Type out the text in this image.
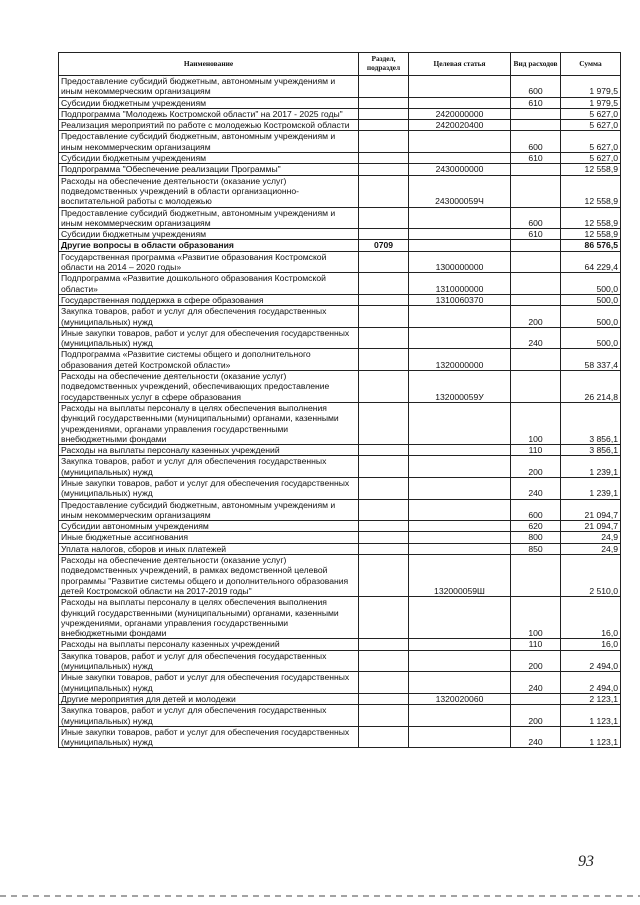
Наименование	Раздел, подраздел	Целевая статья	Вид расходов	Сумма
Предоставление субсидий бюджетным, автономным учреждениям и иным некоммерческим организациям			600	1 979,5
Субсидии бюджетным учреждениям			610	1 979,5
Подпрограмма "Молодежь Костромской области" на 2017 - 2025 годы"		2420000000		5 627,0
Реализация мероприятий по работе с молодежью Костромской области		2420020400		5 627,0
Предоставление субсидий бюджетным, автономным учреждениям и иным некоммерческим организациям			600	5 627,0
Субсидии бюджетным учреждениям			610	5 627,0
Подпрограмма "Обеспечение реализации Программы"		2430000000		12 558,9
Расходы на обеспечение деятельности (оказание услуг) подведомственных учреждений в области организационно-воспитательной работы с молодежью		243000059Ч		12 558,9
Предоставление субсидий бюджетным, автономным учреждениям и иным некоммерческим организациям			600	12 558,9
Субсидии бюджетным учреждениям			610	12 558,9
Другие вопросы в области образования	0709			86 576,5
Государственная программа «Развитие образования Костромской области на 2014 – 2020 годы»		1300000000		64 229,4
Подпрограмма «Развитие дошкольного образования Костромской области»		1310000000		500,0
Государственная поддержка в сфере образования		1310060370		500,0
Закупка товаров, работ и услуг для обеспечения государственных (муниципальных) нужд			200	500,0
Иные закупки товаров, работ и услуг для обеспечения государственных (муниципальных) нужд			240	500,0
Подпрограмма «Развитие системы общего и дополнительного образования детей Костромской области»		1320000000		58 337,4
Расходы на обеспечение деятельности (оказание услуг) подведомственных учреждений, обеспечивающих предоставление государственных услуг в сфере образования		132000059У		26 214,8
Расходы на выплаты персоналу в целях обеспечения выполнения функций государственными (муниципальными) органами, казенными учреждениями, органами управления государственными внебюджетными фондами			100	3 856,1
Расходы на выплаты персоналу казенных учреждений			110	3 856,1
Закупка товаров, работ и услуг для обеспечения государственных (муниципальных) нужд			200	1 239,1
Иные закупки товаров, работ и услуг для обеспечения государственных (муниципальных) нужд			240	1 239,1
Предоставление субсидий бюджетным, автономным учреждениям и иным некоммерческим организациям			600	21 094,7
Субсидии автономным учреждениям			620	21 094,7
Иные бюджетные ассигнования			800	24,9
Уплата налогов, сборов и иных платежей			850	24,9
Расходы на обеспечение деятельности (оказание услуг) подведомственных учреждений, в рамках ведомственной целевой программы "Развитие системы общего и дополнительного образования детей Костромской области на 2017-2019 годы"		132000059Ш		2 510,0
Расходы на выплаты персоналу в целях обеспечения выполнения функций государственными (муниципальными) органами, казенными учреждениями, органами управления государственными внебюджетными фондами			100	16,0
Расходы на выплаты персоналу казенных учреждений			110	16,0
Закупка товаров, работ и услуг для обеспечения государственных (муниципальных) нужд			200	2 494,0
Иные закупки товаров, работ и услуг для обеспечения государственных (муниципальных) нужд			240	2 494,0
Другие мероприятия для детей и молодежи		1320020060		2 123,1
Закупка товаров, работ и услуг для обеспечения государственных (муниципальных) нужд			200	1 123,1
Иные закупки товаров, работ и услуг для обеспечения государственных (муниципальных) нужд			240	1 123,1
93
